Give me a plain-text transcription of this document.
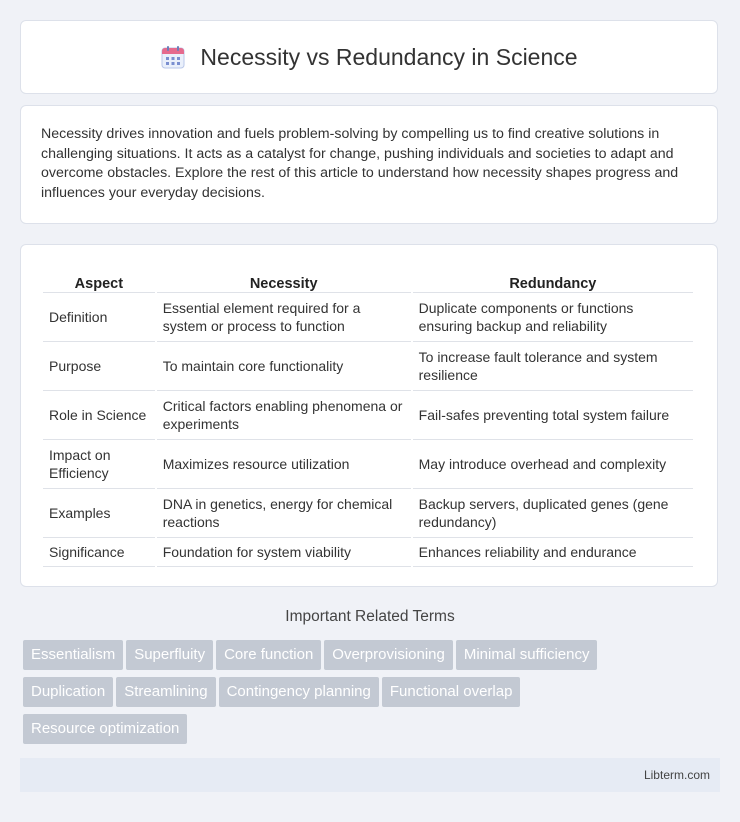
Necessity vs Redundancy in Science

Necessity drives innovation and fuels problem-solving by compelling us to find creative solutions in challenging situations. It acts as a catalyst for change, pushing individuals and societies to adapt and overcome obstacles. Explore the rest of this article to understand how necessity shapes progress and influences your everyday decisions.

Aspect	Necessity	Redundancy
Definition	Essential element required for a system or process to function	Duplicate components or functions ensuring backup and reliability
Purpose	To maintain core functionality	To increase fault tolerance and system resilience
Role in Science	Critical factors enabling phenomena or experiments	Fail-safes preventing total system failure
Impact on Efficiency	Maximizes resource utilization	May introduce overhead and complexity
Examples	DNA in genetics, energy for chemical reactions	Backup servers, duplicated genes (gene redundancy)
Significance	Foundation for system viability	Enhances reliability and endurance
Important Related Terms
Essentialism Superfluity Core function Overprovisioning Minimal sufficiency
Duplication Streamlining Contingency planning Functional overlap
Resource optimization
Libterm.com
